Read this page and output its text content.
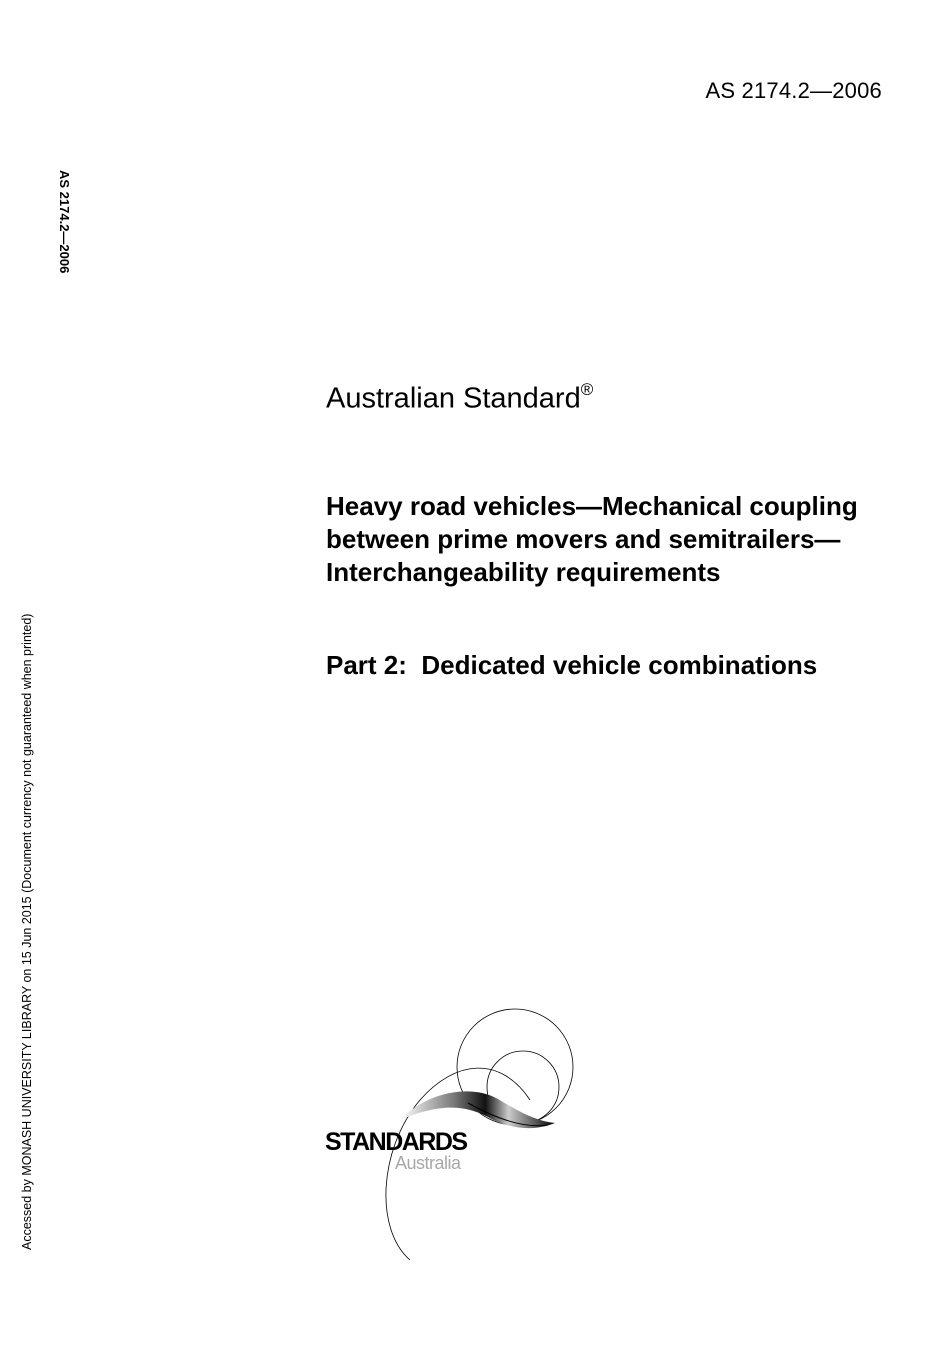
AS 2174.2—2006
AS 2174.2—2006
Accessed by MONASH UNIVERSITY LIBRARY on 15 Jun 2015 (Document currency not guaranteed when printed)
Australian Standard®
Heavy road vehicles—Mechanical coupling between prime movers and semitrailers—Interchangeability requirements
Part 2:  Dedicated vehicle combinations
STANDARDS
Australia
